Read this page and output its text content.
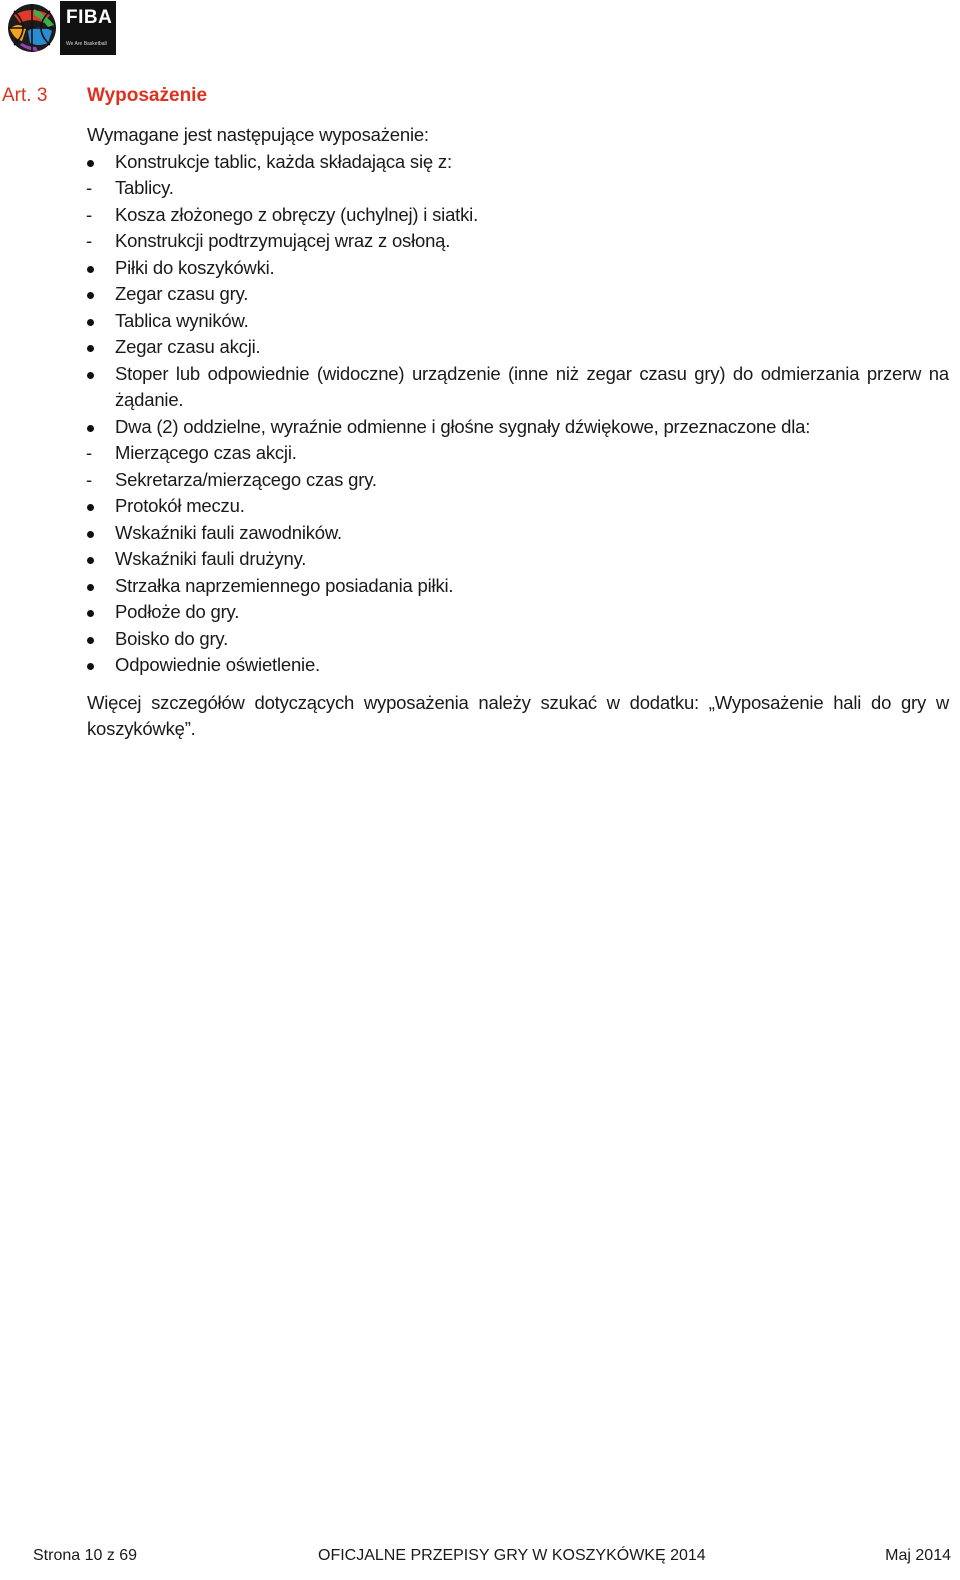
FIBA
We Are Basketball
Art. 3 Wyposażenie

Wymagane jest następujące wyposażenie:

Konstrukcje tablic, każda składająca się z:
- Tablicy.
- Kosza złożonego z obręczy (uchylnej) i siatki.
- Konstrukcji podtrzymującej wraz z osłoną.
Piłki do koszykówki.
Zegar czasu gry.
Tablica wyników.
Zegar czasu akcji.
Stoper lub odpowiednie (widoczne) urządzenie (inne niż zegar czasu gry) do odmierzania przerw na żądanie.
Dwa (2) oddzielne, wyraźnie odmienne i głośne sygnały dźwiękowe, przeznaczone dla:
- Mierzącego czas akcji.
- Sekretarza/mierzącego czas gry.
Protokół meczu.
Wskaźniki fauli zawodników.
Wskaźniki fauli drużyny.
Strzałka naprzemiennego posiadania piłki.
Podłoże do gry.
Boisko do gry.
Odpowiednie oświetlenie.

Więcej szczegółów dotyczących wyposażenia należy szukać w dodatku: „Wyposażenie hali do gry w koszykówkę”.

Strona 10 z 69	OFICJALNE PRZEPISY GRY W KOSZYKÓWKĘ 2014	Maj 2014
